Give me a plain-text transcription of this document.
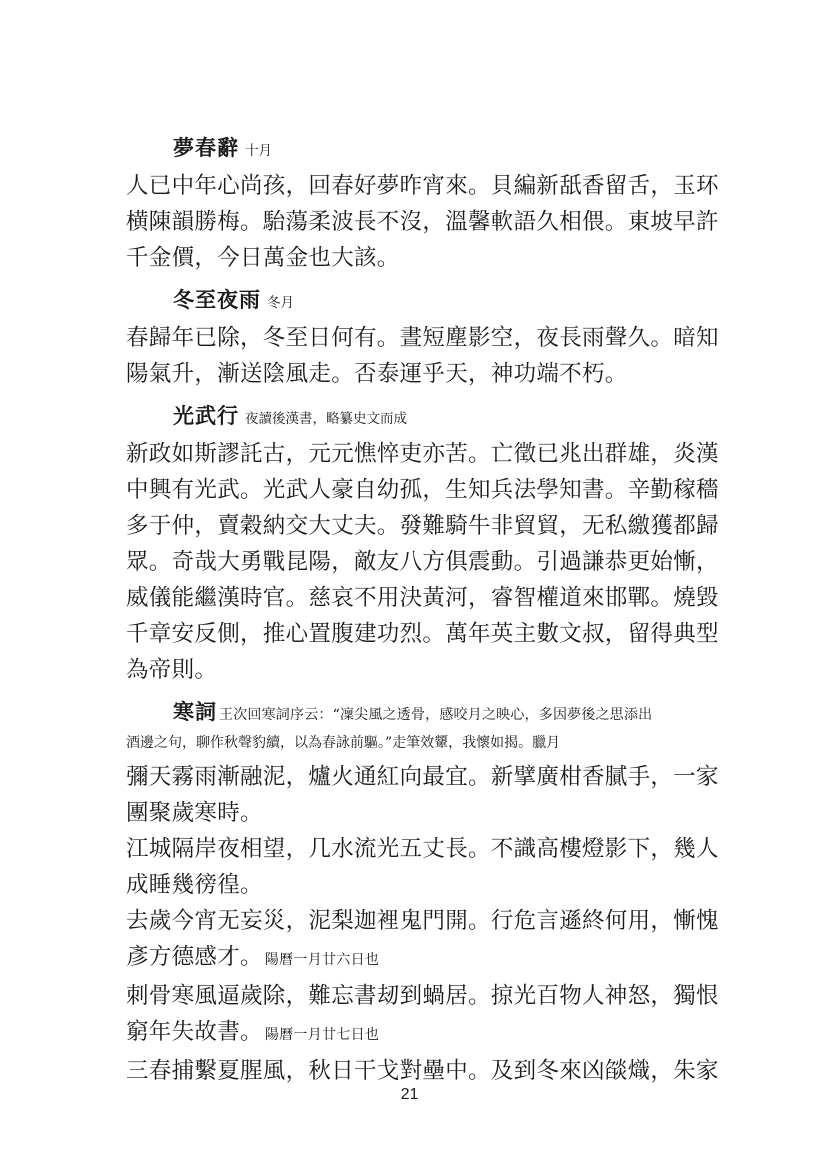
夢春辭 十月

人已中年心尚孩，回春好夢昨宵來。貝編新舐香留舌，玉环
横陳韻勝梅。駘蕩柔波長不沒，溫馨軟語久相偎。東坡早許
千金價，今日萬金也大該。

冬至夜雨 冬月

春歸年已除，冬至日何有。晝短塵影空，夜長雨聲久。暗知
陽氣升，漸送陰風走。否泰運乎天，神功端不朽。

光武行 夜讀後漢書，略纂史文而成

新政如斯謬託古，元元憔悴吏亦苦。亡徵已兆出群雄，炎漢
中興有光武。光武人豪自幼孤，生知兵法學知書。辛勤稼穡
多于仲，賣穀納交大丈夫。發難騎牛非貿貿，无私繳獲都歸
眾。奇哉大勇戰昆陽，敵友八方俱震動。引過謙恭更始慚，
威儀能繼漢時官。慈哀不用決黃河，睿智權道來邯鄲。燒毀
千章安反側，推心置腹建功烈。萬年英主數文叔，留得典型
為帝則。

寒詞 王次回寒詞序云：“凜尖風之透骨，感咬月之映心，多因夢後之思添出

酒邊之句，聊作秋聲豹續，以為春詠前驅。”走筆效顰，我懷如揭。臘月

彌天霧雨漸融泥，爐火通紅向最宜。新擘廣柑香膩手，一家
團聚歲寒時。
江城隔岸夜相望，几水流光五丈長。不識高樓燈影下，幾人
成睡幾徬徨。
去歲今宵无妄災，泥梨迦裡鬼門開。行危言遜終何用，慚愧
彥方德感才。 陽曆一月廿六日也
刺骨寒風逼歲除，難忘書刼到蝸居。掠光百物人神怒，獨恨
窮年失故書。 陽曆一月廿七日也
三春捕繫夏腥風，秋日干戈對壘中。及到冬來凶燄熾，朱家
21
